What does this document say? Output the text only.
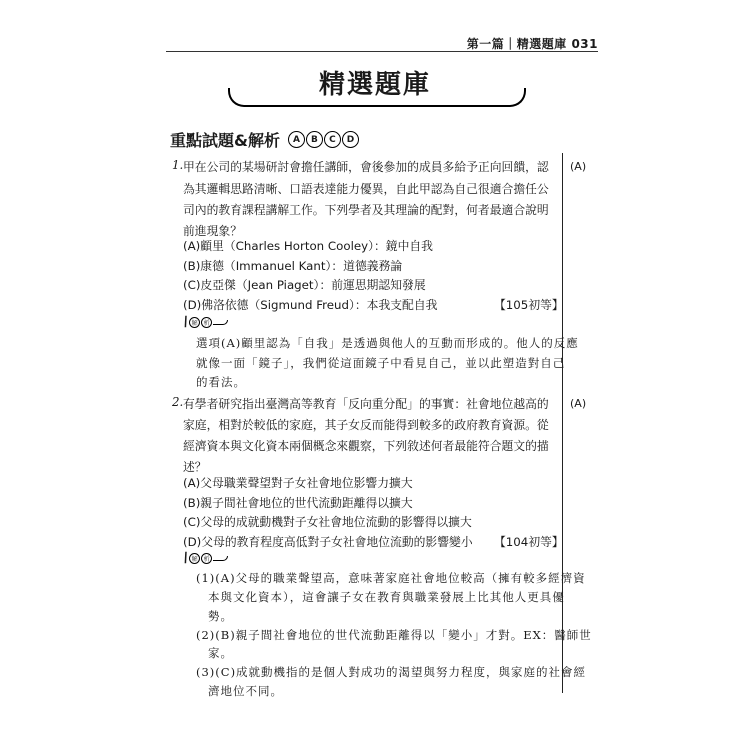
第一篇｜精選題庫 031
精選題庫
重點試題&解析	A	B	C	D
1. 甲在公司的某場研討會擔任講師，會後參加的成員多給予正向回饋，認
為其邏輯思路清晰、口語表達能力優異，自此甲認為自己很適合擔任公
司內的教育課程講解工作。下列學者及其理論的配對，何者最適合說明
前進現象？
(A)顧里（Charles Horton Cooley）：鏡中自我
(B)康德（Immanuel Kant）：道德義務論
(C)皮亞傑（Jean Piaget）：前運思期認知發展
(D)佛洛依德（Sigmund Freud）：本我支配自我	【105初等】
(A)
\ 解 析
選項(A)顧里認為「自我」是透過與他人的互動而形成的。他人的反應
就像一面「鏡子」，我們從這面鏡子中看見自己，並以此塑造對自己
的看法。
2. 有學者研究指出臺灣高等教育「反向重分配」的事實：社會地位越高的
家庭，相對於較低的家庭，其子女反而能得到較多的政府教育資源。從
經濟資本與文化資本兩個概念來觀察，下列敘述何者最能符合題文的描
述？
(A)父母職業聲望對子女社會地位影響力擴大
(B)親子間社會地位的世代流動距離得以擴大
(C)父母的成就動機對子女社會地位流動的影響得以擴大
(D)父母的教育程度高低對子女社會地位流動的影響變小 【104初等】
(A)
\ 解 析
(1)(A)父母的職業聲望高，意味著家庭社會地位較高（擁有較多經濟資
本與文化資本），這會讓子女在教育與職業發展上比其他人更具優
勢。
(2)(B)親子間社會地位的世代流動距離得以「變小」才對。EX：醫師世
家。
(3)(C)成就動機指的是個人對成功的渴望與努力程度，與家庭的社會經
濟地位不同。
